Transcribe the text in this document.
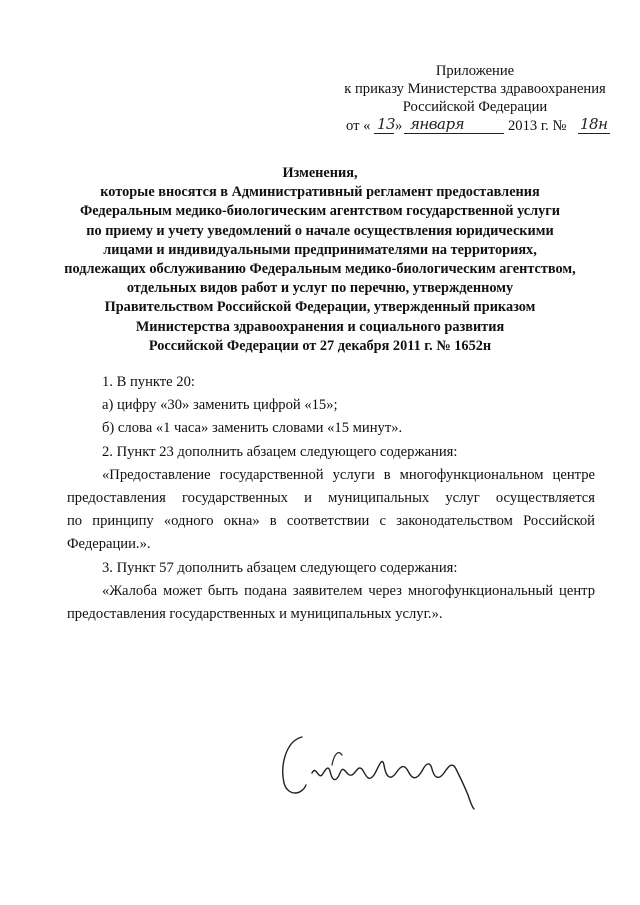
Приложение
к приказу Министерства здравоохранения
Российской Федерации
от « 13 » января	2013 г. № 18н
Изменения,
которые вносятся в Административный регламент предоставления
Федеральным медико-биологическим агентством государственной услуги
по приему и учету уведомлений о начале осуществления юридическими
лицами и индивидуальными предпринимателями на территориях,
подлежащих обслуживанию Федеральным медико-биологическим агентством,
отдельных видов работ и услуг по перечню, утвержденному
Правительством Российской Федерации, утвержденный приказом
Министерства здравоохранения и социального развития
Российской Федерации от 27 декабря 2011 г. № 1652н
1. В пункте 20:
а) цифру «30» заменить цифрой «15»;
б) слова «1 часа» заменить словами «15 минут».
2. Пункт 23 дополнить абзацем следующего содержания:
«Предоставление государственной услуги в многофункциональном центре
предоставления государственных и муниципальных услуг осуществляется
по принципу «одного окна» в соответствии с законодательством Российской
Федерации.».
3. Пункт 57 дополнить абзацем следующего содержания:
«Жалоба может быть подана заявителем через многофункциональный центр
предоставления государственных и муниципальных услуг.».
